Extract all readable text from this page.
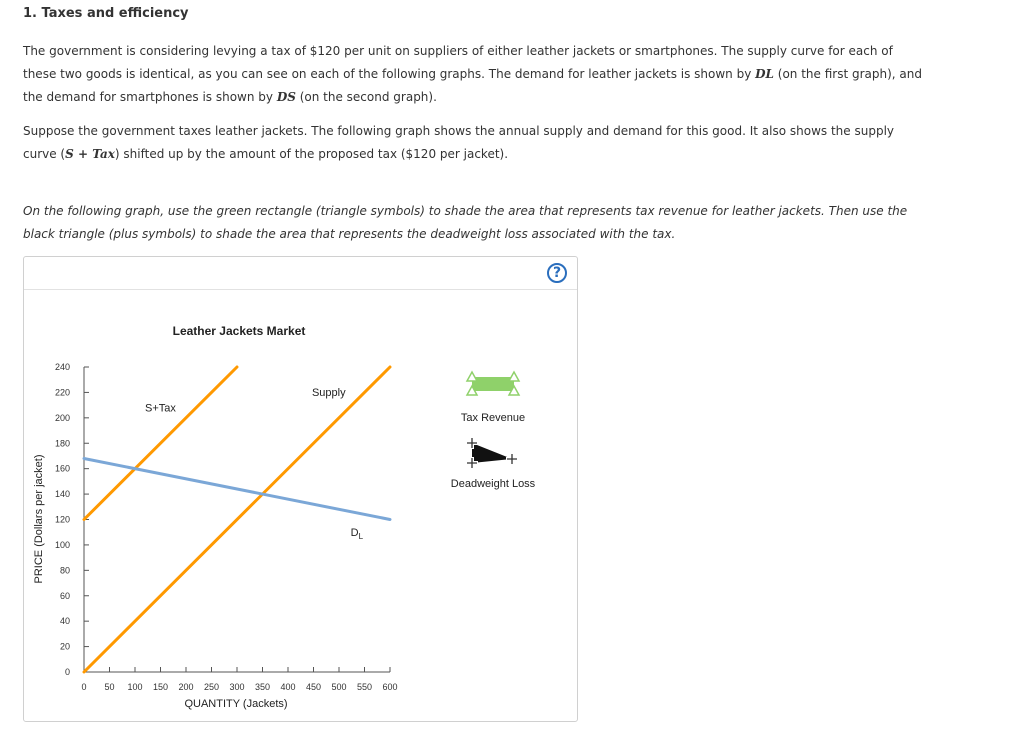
1. Taxes and efficiency

The government is considering levying a tax of $120 per unit on suppliers of either leather jackets or smartphones. The supply curve for each of these two goods is identical, as you can see on each of the following graphs. The demand for leather jackets is shown by DL (on the first graph), and the demand for smartphones is shown by DS (on the second graph).

Suppose the government taxes leather jackets. The following graph shows the annual supply and demand for this good. It also shows the supply curve (S + Tax) shifted up by the amount of the proposed tax ($120 per jacket).

On the following graph, use the green rectangle (triangle symbols) to shade the area that represents tax revenue for leather jackets. Then use the black triangle (plus symbols) to shade the area that represents the deadweight loss associated with the tax.

?
Leather Jackets Market
0
20
40
60
80
100
120
140
160
180
200
220
240
0 50 100 150 200 250 300 350 400 450 500 550 600
QUANTITY (Jackets)
PRICE (Dollars per jacket)
S+Tax
Supply
$D_L$
Tax Revenue
Deadweight Loss
